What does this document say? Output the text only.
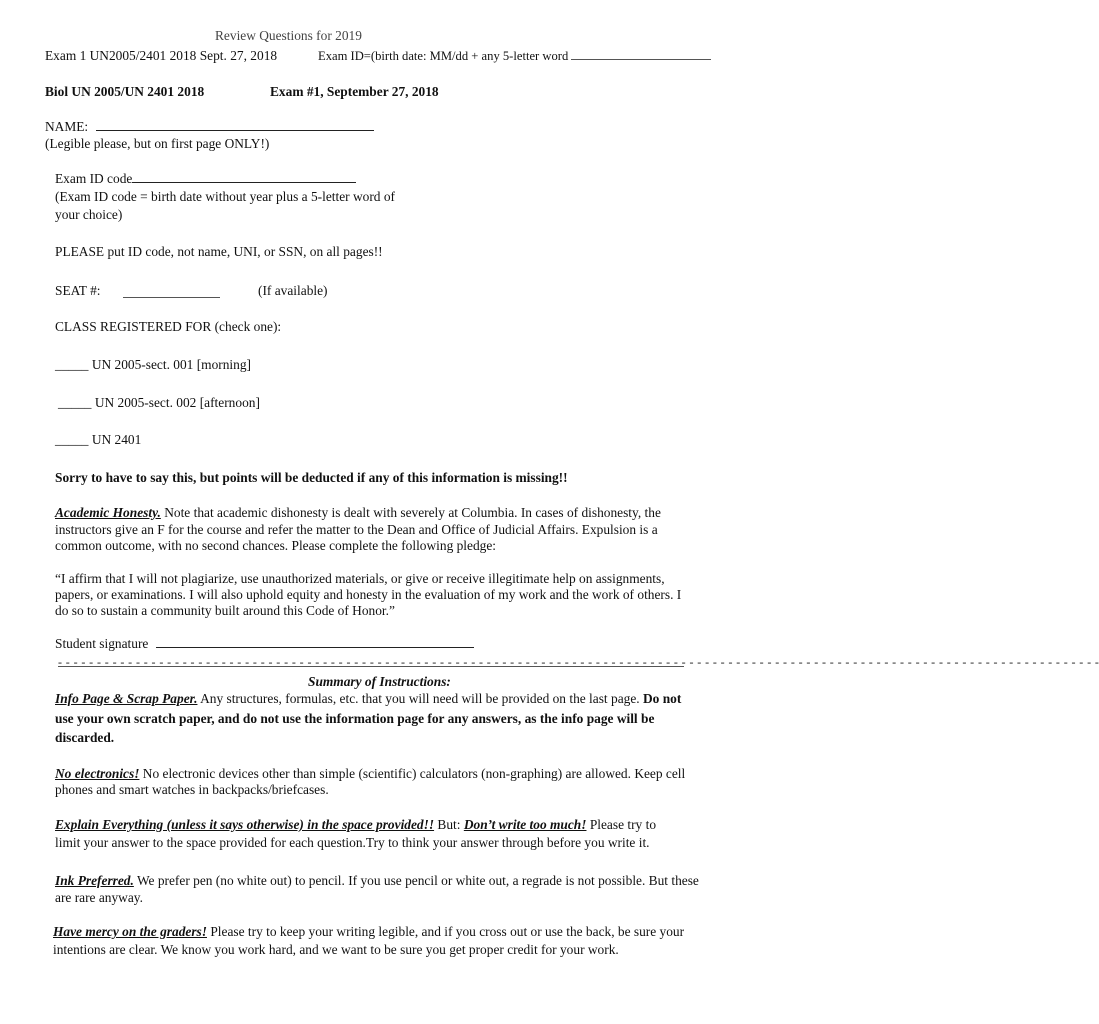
Review Questions for 2019
Exam 1 UN2005/2401 2018 Sept. 27, 2018	Exam ID=(birth date: MM/dd + any 5-letter word
Biol UN 2005/UN 2401 2018	Exam #1, September 27, 2018
NAME:
(Legible please, but on first page ONLY!)
Exam ID code
(Exam ID code = birth date without year plus a 5-letter word of
your choice)
PLEASE put ID code, not name, UNI, or SSN, on all pages!!
SEAT #:	(If available)
CLASS REGISTERED FOR (check one):
_____ UN 2005-sect. 001 [morning]
_____ UN 2005-sect. 002 [afternoon]
_____ UN 2401
Sorry to have to say this, but points will be deducted if any of this information is missing!!
Academic Honesty. Note that academic dishonesty is dealt with severely at Columbia. In cases of dishonesty, the
instructors give an F for the course and refer the matter to the Dean and Office of Judicial Affairs. Expulsion is a
common outcome, with no second chances. Please complete the following pledge:
“I affirm that I will not plagiarize, use unauthorized materials, or give or receive illegitimate help on assignments,
papers, or examinations. I will also uphold equity and honesty in the evaluation of my work and the work of others. I
do so to sustain a community built around this Code of Honor.”
Student signature
- - - - - - - - - - - - - - - - - - - - - - - - - - - - - - - - - - - - - - - - - - - - - - - - - - - - - - - - - - - - - - - - - - - - - - - - - - - - - - - - - - - - - - - - - - - - - - - - - - - - - - - - - - - - - - - - - - - - - - - - - - - - - - - - - - - - - -
Summary of Instructions:
Info Page & Scrap Paper. Any structures, formulas, etc. that you will need will be provided on the last page. Do not
use your own scratch paper, and do not use the information page for any answers, as the info page will be
discarded.
No electronics! No electronic devices other than simple (scientific) calculators (non-graphing) are allowed. Keep cell
phones and smart watches in backpacks/briefcases.
Explain Everything (unless it says otherwise) in the space provided!! But: Don’t write too much! Please try to
limit your answer to the space provided for each question.Try to think your answer through before you write it.
Ink Preferred. We prefer pen (no white out) to pencil. If you use pencil or white out, a regrade is not possible. But these
are rare anyway.
Have mercy on the graders! Please try to keep your writing legible, and if you cross out or use the back, be sure your
intentions are clear. We know you work hard, and we want to be sure you get proper credit for your work.
